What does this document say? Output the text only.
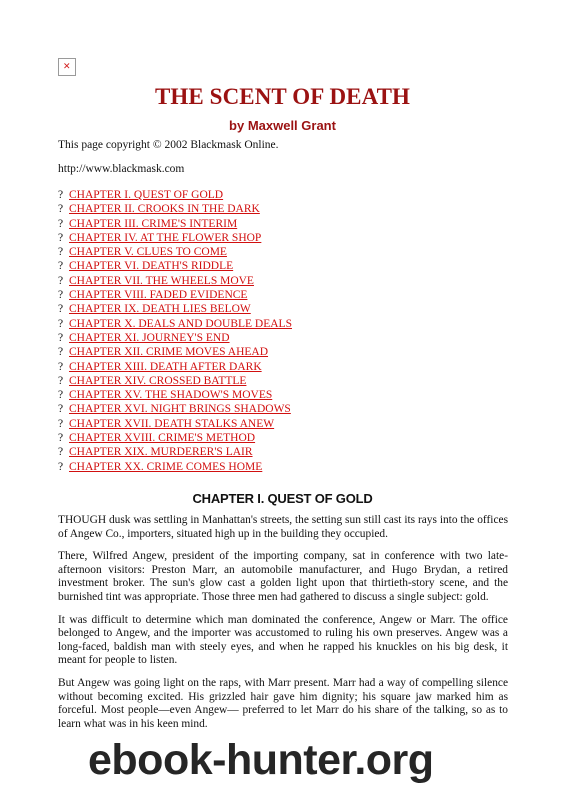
✕
THE SCENT OF DEATH
by Maxwell Grant
This page copyright © 2002 Blackmask Online.
http://www.blackmask.com
? CHAPTER I. QUEST OF GOLD
? CHAPTER II. CROOKS IN THE DARK
? CHAPTER III. CRIME'S INTERIM
? CHAPTER IV. AT THE FLOWER SHOP
? CHAPTER V. CLUES TO COME
? CHAPTER VI. DEATH'S RIDDLE
? CHAPTER VII. THE WHEELS MOVE
? CHAPTER VIII. FADED EVIDENCE
? CHAPTER IX. DEATH LIES BELOW
? CHAPTER X. DEALS AND DOUBLE DEALS
? CHAPTER XI. JOURNEY'S END
? CHAPTER XII. CRIME MOVES AHEAD
? CHAPTER XIII. DEATH AFTER DARK
? CHAPTER XIV. CROSSED BATTLE
? CHAPTER XV. THE SHADOW'S MOVES
? CHAPTER XVI. NIGHT BRINGS SHADOWS
? CHAPTER XVII. DEATH STALKS ANEW
? CHAPTER XVIII. CRIME'S METHOD
? CHAPTER XIX. MURDERER'S LAIR
? CHAPTER XX. CRIME COMES HOME
CHAPTER I. QUEST OF GOLD

THOUGH dusk was settling in Manhattan's streets, the setting sun still cast its rays into the offices of Angew Co., importers, situated high up in the building they occupied.

There, Wilfred Angew, president of the importing company, sat in conference with two late-afternoon visitors: Preston Marr, an automobile manufacturer, and Hugo Brydan, a retired investment broker. The sun's glow cast a golden light upon that thirtieth-story scene, and the burnished tint was appropriate. Those three men had gathered to discuss a single subject: gold.

It was difficult to determine which man dominated the conference, Angew or Marr. The office belonged to Angew, and the importer was accustomed to ruling his own preserves. Angew was a long-faced, baldish man with steely eyes, and when he rapped his knuckles on his big desk, it meant for people to listen.

But Angew was going light on the raps, with Marr present. Marr had a way of compelling silence without becoming excited. His grizzled hair gave him dignity; his square jaw marked him as forceful. Most people—even Angew— preferred to let Marr do his share of the talking, so as to learn what was in his keen mind.

ebook-hunter.org
